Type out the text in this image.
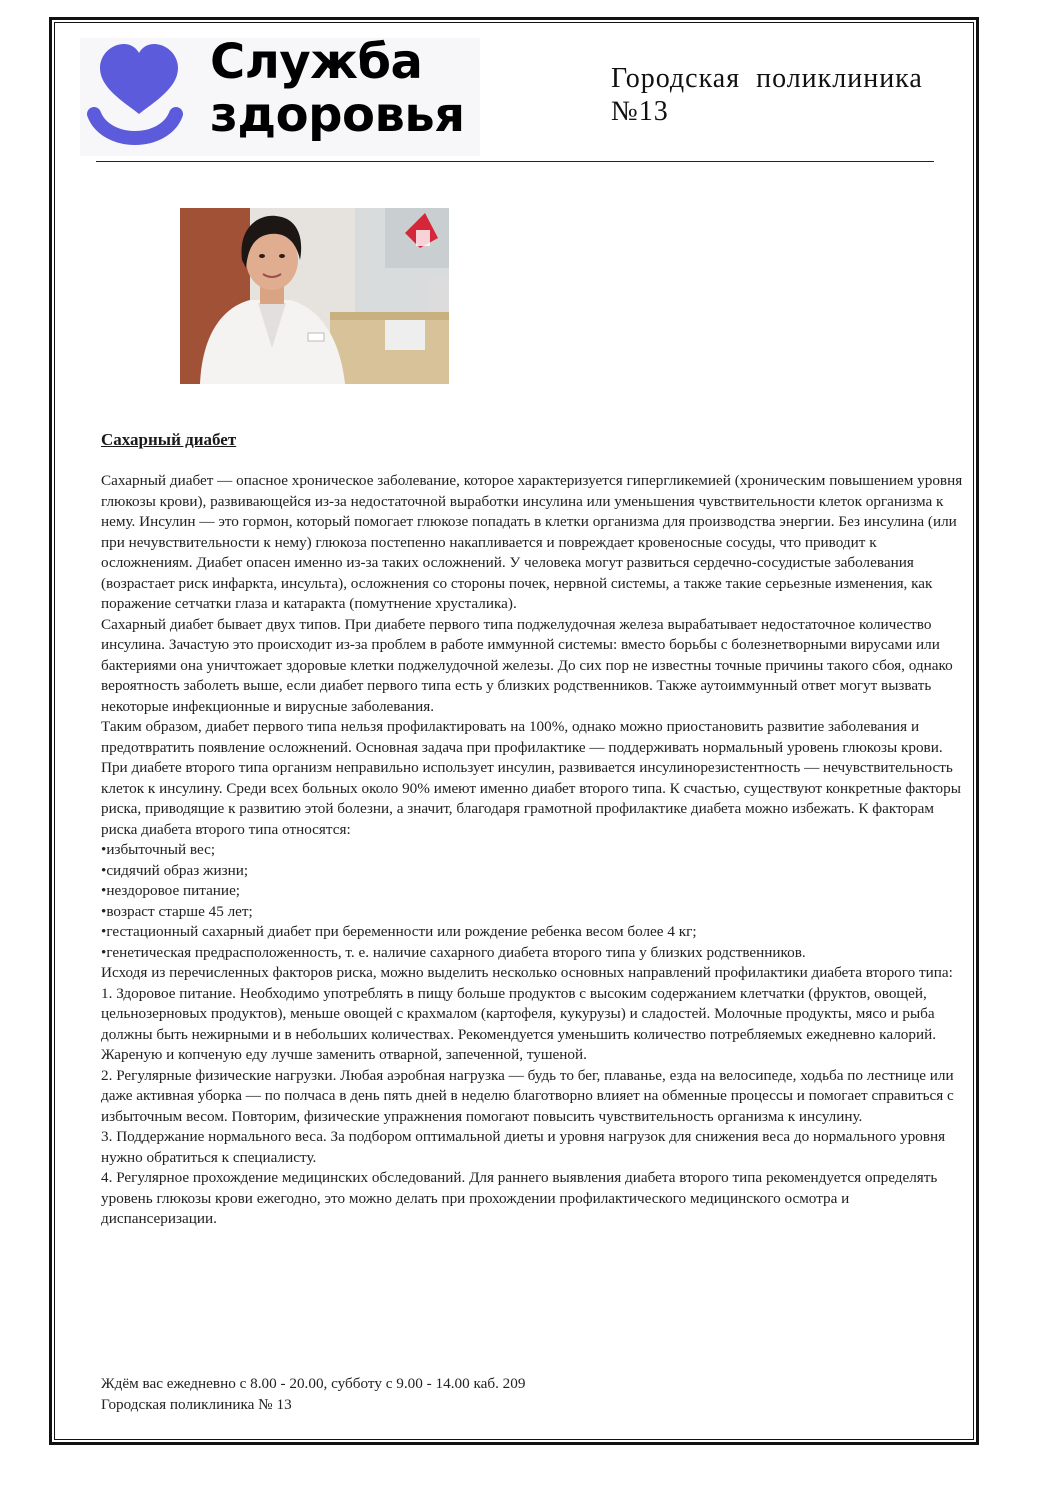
Служба
здоровья
Городская поликлиника
№13
Сахарный диабет

Сахарный диабет — опасное хроническое заболевание, которое характеризуется гипергликемией (хроническим повышением уровня глюкозы крови), развивающейся из-за недостаточной выработки инсулина или уменьшения чувствительности клеток организма к нему. Инсулин — это гормон, который помогает глюкозе попадать в клетки организма для производства энергии. Без инсулина (или при нечувствительности к нему) глюкоза постепенно накапливается и повреждает кровеносные сосуды, что приводит к осложнениям. Диабет опасен именно из-за таких осложнений. У человека могут развиться сердечно-сосудистые заболевания (возрастает риск инфаркта, инсульта), осложнения со стороны почек, нервной системы, а также такие серьезные изменения, как поражение сетчатки глаза и катаракта (помутнение хрусталика).

Сахарный диабет бывает двух типов. При диабете первого типа поджелудочная железа вырабатывает недостаточное количество инсулина. Зачастую это происходит из-за проблем в работе иммунной системы: вместо борьбы с болезнетворными вирусами или бактериями она уничтожает здоровые клетки поджелудочной железы. До сих пор не известны точные причины такого сбоя, однако вероятность заболеть выше, если диабет первого типа есть у близких родственников. Также аутоиммунный ответ могут вызвать некоторые инфекционные и вирусные заболевания.

Таким образом, диабет первого типа нельзя профилактировать на 100%, однако можно приостановить развитие заболевания и предотвратить появление осложнений. Основная задача при профилактике — поддерживать нормальный уровень глюкозы крови.

При диабете второго типа организм неправильно использует инсулин, развивается инсулинорезистентность — нечувствительность клеток к инсулину. Среди всех больных около 90% имеют именно диабет второго типа. К счастью, существуют конкретные факторы риска, приводящие к развитию этой болезни, а значит, благодаря грамотной профилактике диабета можно избежать. К факторам риска диабета второго типа относятся:

•избыточный вес;

•сидячий образ жизни;

•нездоровое питание;

•возраст старше 45 лет;

•гестационный сахарный диабет при беременности или рождение ребенка весом более 4 кг;

•генетическая предрасположенность, т. е. наличие сахарного диабета второго типа у близких родственников.

Исходя из перечисленных факторов риска, можно выделить несколько основных направлений профилактики диабета второго типа:

1. Здоровое питание. Необходимо употреблять в пищу больше продуктов с высоким содержанием клетчатки (фруктов, овощей, цельнозерновых продуктов), меньше овощей с крахмалом (картофеля, кукурузы) и сладостей. Молочные продукты, мясо и рыба должны быть нежирными и в небольших количествах. Рекомендуется уменьшить количество потребляемых ежедневно калорий. Жареную и копченую еду лучше заменить отварной, запеченной, тушеной.

2. Регулярные физические нагрузки. Любая аэробная нагрузка — будь то бег, плаванье, езда на велосипеде, ходьба по лестнице или даже активная уборка — по полчаса в день пять дней в неделю благотворно влияет на обменные процессы и помогает справиться с избыточным весом. Повторим, физические упражнения помогают повысить чувствительность организма к инсулину.

3. Поддержание нормального веса. За подбором оптимальной диеты и уровня нагрузок для снижения веса до нормального уровня нужно обратиться к специалисту.

4. Регулярное прохождение медицинских обследований. Для раннего выявления диабета второго типа рекомендуется определять уровень глюкозы крови ежегодно, это можно делать при прохождении профилактического медицинского осмотра и диспансеризации.

Ждём вас ежедневно с 8.00 - 20.00, субботу с 9.00 - 14.00 каб. 209

Городская поликлиника № 13
